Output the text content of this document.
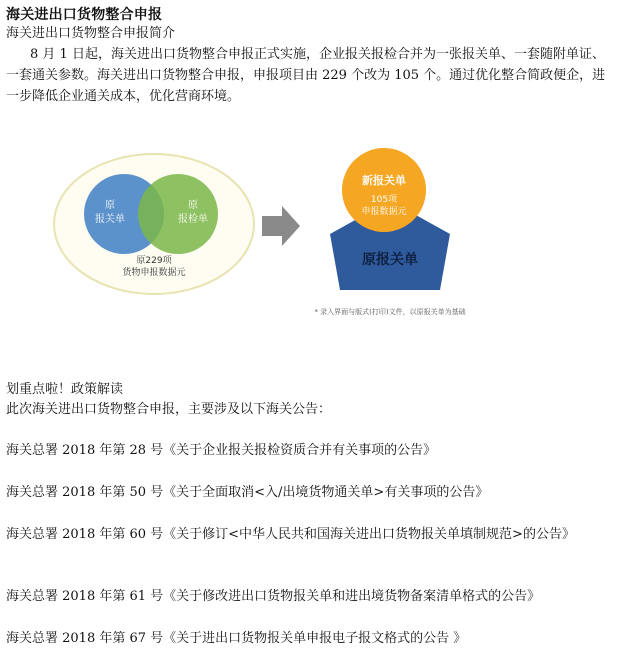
海关进出口货物整合申报
海关进出口货物整合申报简介
8 月 1 日起，海关进出口货物整合申报正式实施，企业报关报检合并为一张报关单、一套随附单证、一套通关参数。海关进出口货物整合申报，申报项目由 229 个改为 105 个。通过优化整合简政便企，进一步降低企业通关成本，优化营商环境。
原
报关单
原
报检单
原229项
货物申报数据元
新报关单
105项
申报数据元
原报关单
* 录入界面与版式(打印)文件，以原报关单为基础
划重点啦！政策解读
此次海关进出口货物整合申报，主要涉及以下海关公告：
海关总署 2018 年第 28 号《关于企业报关报检资质合并有关事项的公告》
海关总署 2018 年第 50 号《关于全面取消<入/出境货物通关单>有关事项的公告》
海关总署 2018 年第 60 号《关于修订<中华人民共和国海关进出口货物报关单填制规范>的公告》
海关总署 2018 年第 61 号《关于修改进出口货物报关单和进出境货物备案清单格式的公告》
海关总署 2018 年第 67 号《关于进出口货物报关单申报电子报文格式的公告 》
